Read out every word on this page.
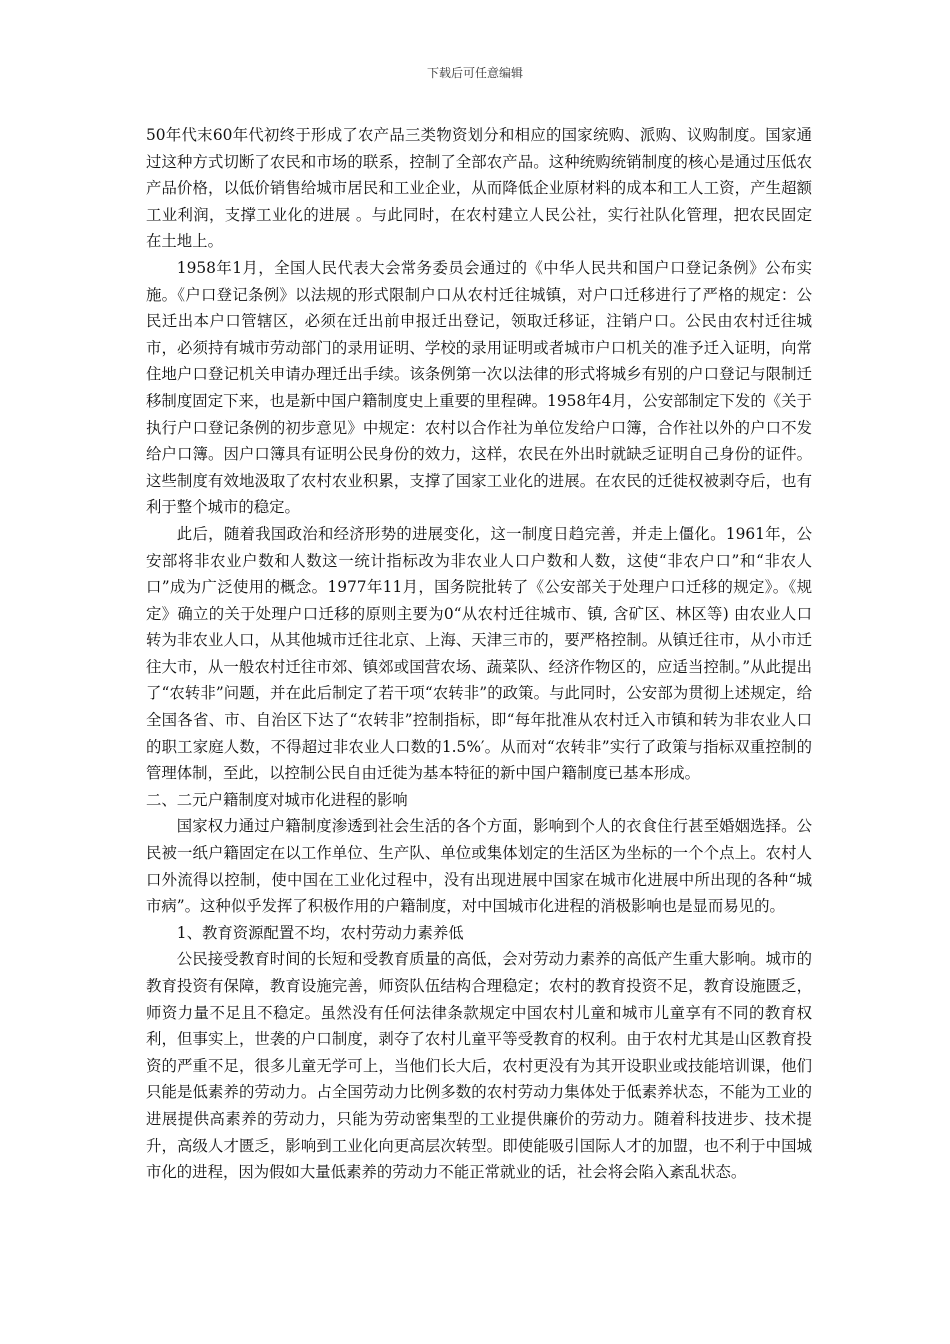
下载后可任意编辑

50年代末60年代初终于形成了农产品三类物资划分和相应的国家统购、派购、议购制度。国家通过这种方式切断了农民和市场的联系，控制了全部农产品。这种统购统销制度的核心是通过压低农产品价格，以低价销售给城市居民和工业企业，从而降低企业原材料的成本和工人工资，产生超额工业利润，支撑工业化的进展 。与此同时，在农村建立人民公社，实行社队化管理，把农民固定在土地上。

1958年1月，全国人民代表大会常务委员会通过的《中华人民共和国户口登记条例》公布实施。《户口登记条例》以法规的形式限制户口从农村迁往城镇，对户口迁移进行了严格的规定：公民迁出本户口管辖区，必须在迁出前申报迁出登记，领取迁移证，注销户口。公民由农村迁往城市，必须持有城市劳动部门的录用证明、学校的录用证明或者城市户口机关的准予迁入证明，向常住地户口登记机关申请办理迁出手续。该条例第一次以法律的形式将城乡有别的户口登记与限制迁移制度固定下来，也是新中国户籍制度史上重要的里程碑。1958年4月，公安部制定下发的《关于执行户口登记条例的初步意见》中规定：农村以合作社为单位发给户口簿，合作社以外的户口不发给户口簿。因户口簿具有证明公民身份的效力，这样，农民在外出时就缺乏证明自己身份的证件。这些制度有效地汲取了农村农业积累，支撑了国家工业化的进展。在农民的迁徙权被剥夺后，也有利于整个城市的稳定。

此后，随着我国政治和经济形势的进展变化，这一制度日趋完善，并走上僵化。1961年，公安部将非农业户数和人数这一统计指标改为非农业人口户数和人数，这使“非农户口”和“非农人口”成为广泛使用的概念。1977年11月，国务院批转了《公安部关于处理户口迁移的规定》。《规定》确立的关于处理户口迁移的原则主要为0“从农村迁往城市、镇, 含矿区、林区等) 由农业人口转为非农业人口，从其他城市迁往北京、上海、天津三市的，要严格控制。从镇迁往市，从小市迁往大市，从一般农村迁往市郊、镇郊或国营农场、蔬菜队、经济作物区的，应适当控制。”从此提出了“农转非”问题，并在此后制定了若干项“农转非”的政策。与此同时，公安部为贯彻上述规定，给全国各省、市、自治区下达了“农转非”控制指标，即“每年批准从农村迁入市镇和转为非农业人口的职工家庭人数，不得超过非农业人口数的1.5%′。从而对“农转非”实行了政策与指标双重控制的管理体制，至此，以控制公民自由迁徙为基本特征的新中国户籍制度已基本形成。

二、二元户籍制度对城市化进程的影响

国家权力通过户籍制度渗透到社会生活的各个方面，影响到个人的衣食住行甚至婚姻选择。公民被一纸户籍固定在以工作单位、生产队、单位或集体划定的生活区为坐标的一个个点上。农村人口外流得以控制，使中国在工业化过程中，没有出现进展中国家在城市化进展中所出现的各种“城市病”。这种似乎发挥了积极作用的户籍制度，对中国城市化进程的消极影响也是显而易见的。

1、教育资源配置不均，农村劳动力素养低

公民接受教育时间的长短和受教育质量的高低，会对劳动力素养的高低产生重大影响。城市的教育投资有保障，教育设施完善，师资队伍结构合理稳定；农村的教育投资不足，教育设施匮乏，师资力量不足且不稳定。虽然没有任何法律条款规定中国农村儿童和城市儿童享有不同的教育权利，但事实上，世袭的户口制度，剥夺了农村儿童平等受教育的权利。由于农村尤其是山区教育投资的严重不足，很多儿童无学可上，当他们长大后，农村更没有为其开设职业或技能培训课，他们只能是低素养的劳动力。占全国劳动力比例多数的农村劳动力集体处于低素养状态，不能为工业的进展提供高素养的劳动力，只能为劳动密集型的工业提供廉价的劳动力。随着科技进步、技术提升，高级人才匮乏，影响到工业化向更高层次转型。即使能吸引国际人才的加盟，也不利于中国城市化的进程，因为假如大量低素养的劳动力不能正常就业的话，社会将会陷入紊乱状态。
